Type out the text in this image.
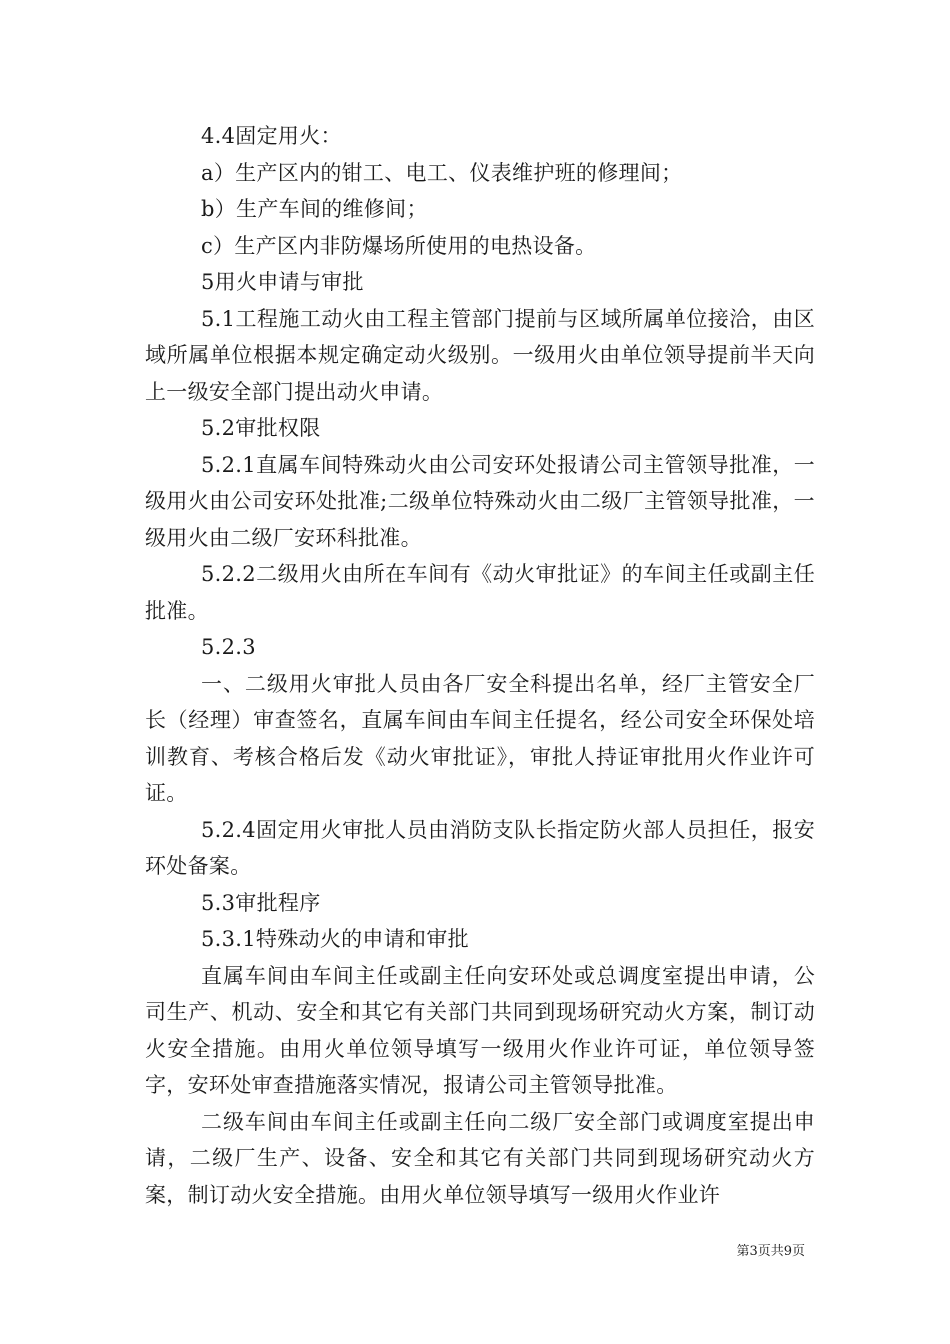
4.4固定用火：

a）生产区内的钳工、电工、仪表维护班的修理间；

b）生产车间的维修间；

c）生产区内非防爆场所使用的电热设备。

5用火申请与审批

5.1工程施工动火由工程主管部门提前与区域所属单位接洽，由区域所属单位根据本规定确定动火级别。一级用火由单位领导提前半天向上一级安全部门提出动火申请。

5.2审批权限

5.2.1直属车间特殊动火由公司安环处报请公司主管领导批准，一级用火由公司安环处批准;二级单位特殊动火由二级厂主管领导批准，一级用火由二级厂安环科批准。

5.2.2二级用火由所在车间有《动火审批证》的车间主任或副主任批准。

5.2.3

一、二级用火审批人员由各厂安全科提出名单，经厂主管安全厂长（经理）审查签名，直属车间由车间主任提名，经公司安全环保处培训教育、考核合格后发《动火审批证》，审批人持证审批用火作业许可证。

5.2.4固定用火审批人员由消防支队长指定防火部人员担任，报安环处备案。

5.3审批程序

5.3.1特殊动火的申请和审批

直属车间由车间主任或副主任向安环处或总调度室提出申请，公司生产、机动、安全和其它有关部门共同到现场研究动火方案，制订动火安全措施。由用火单位领导填写一级用火作业许可证，单位领导签字，安环处审查措施落实情况，报请公司主管领导批准。

二级车间由车间主任或副主任向二级厂安全部门或调度室提出申请，二级厂生产、设备、安全和其它有关部门共同到现场研究动火方案，制订动火安全措施。由用火单位领导填写一级用火作业许

第3页共9页
